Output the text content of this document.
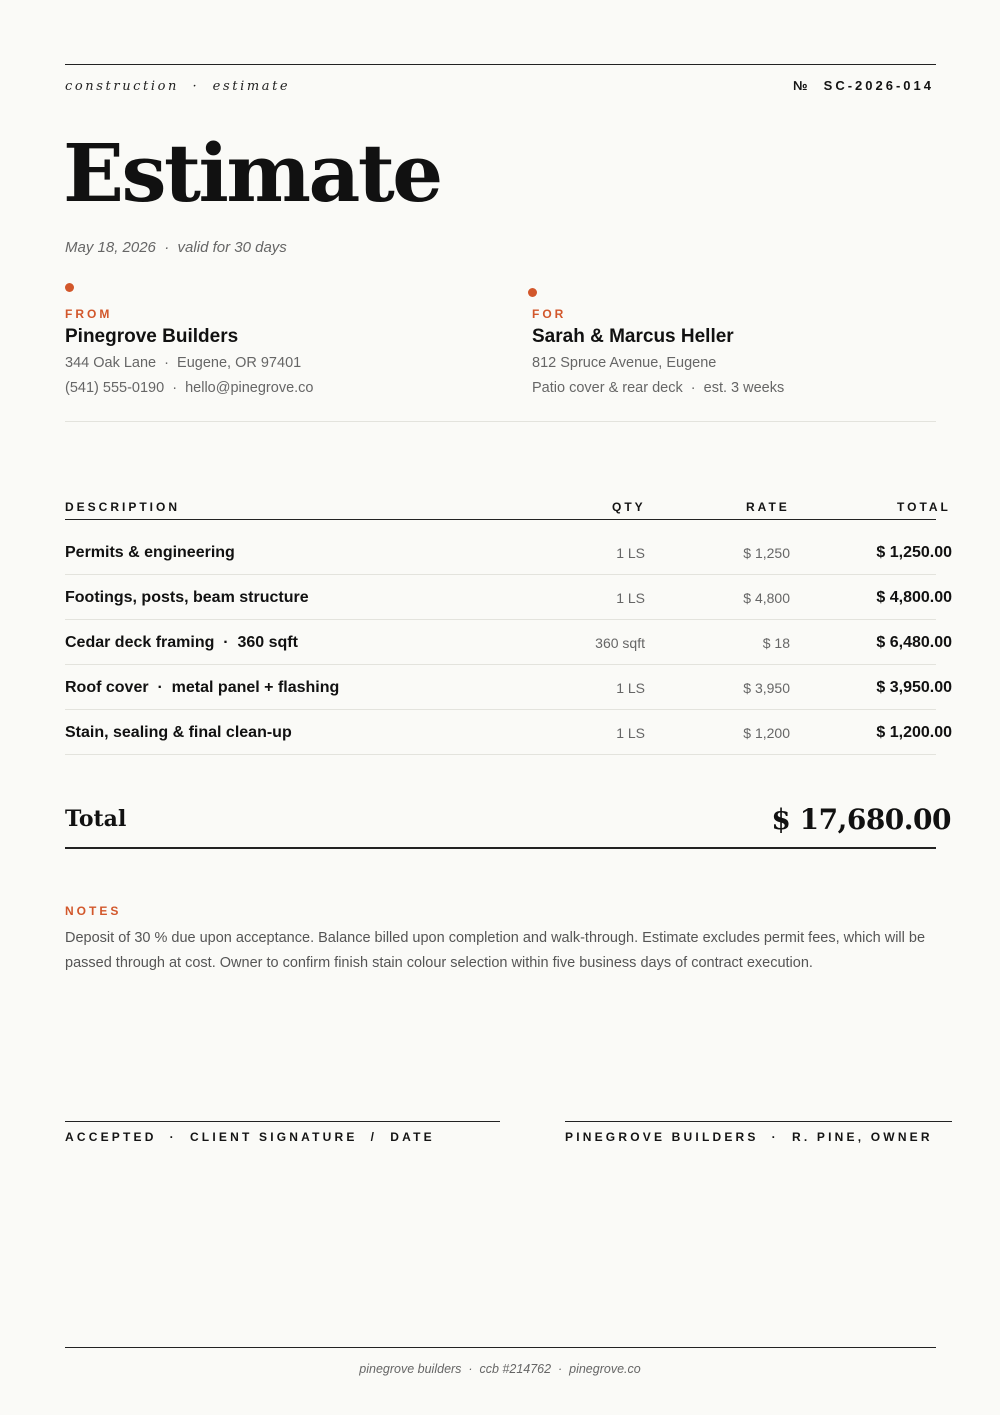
construction  ·  estimate	№  SC-2026-014
Estimate
May 18, 2026  ·  valid for 30 days
FROM
Pinegrove Builders
344 Oak Lane  ·  Eugene, OR 97401
(541) 555-0190  ·  hello@pinegrove.co
FOR
Sarah & Marcus Heller
812 Spruce Avenue, Eugene
Patio cover & rear deck  ·  est. 3 weeks
DESCRIPTION	QTY	RATE	TOTAL
Permits & engineering	1 LS	$ 1,250	$ 1,250.00
Footings, posts, beam structure	1 LS	$ 4,800	$ 4,800.00
Cedar deck framing  ·  360 sqft	360 sqft	$ 18	$ 6,480.00
Roof cover  ·  metal panel + flashing	1 LS	$ 3,950	$ 3,950.00
Stain, sealing & final clean-up	1 LS	$ 1,200	$ 1,200.00
Total	$ 17,680.00
NOTES
Deposit of 30 % due upon acceptance. Balance billed upon completion and walk-through. Estimate excludes permit fees, which will be passed through at cost. Owner to confirm finish stain colour selection within five business days of contract execution.
ACCEPTED  ·  CLIENT SIGNATURE  /  DATE	PINEGROVE BUILDERS  ·  R. PINE, OWNER
pinegrove builders  ·  ccb #214762  ·  pinegrove.co
